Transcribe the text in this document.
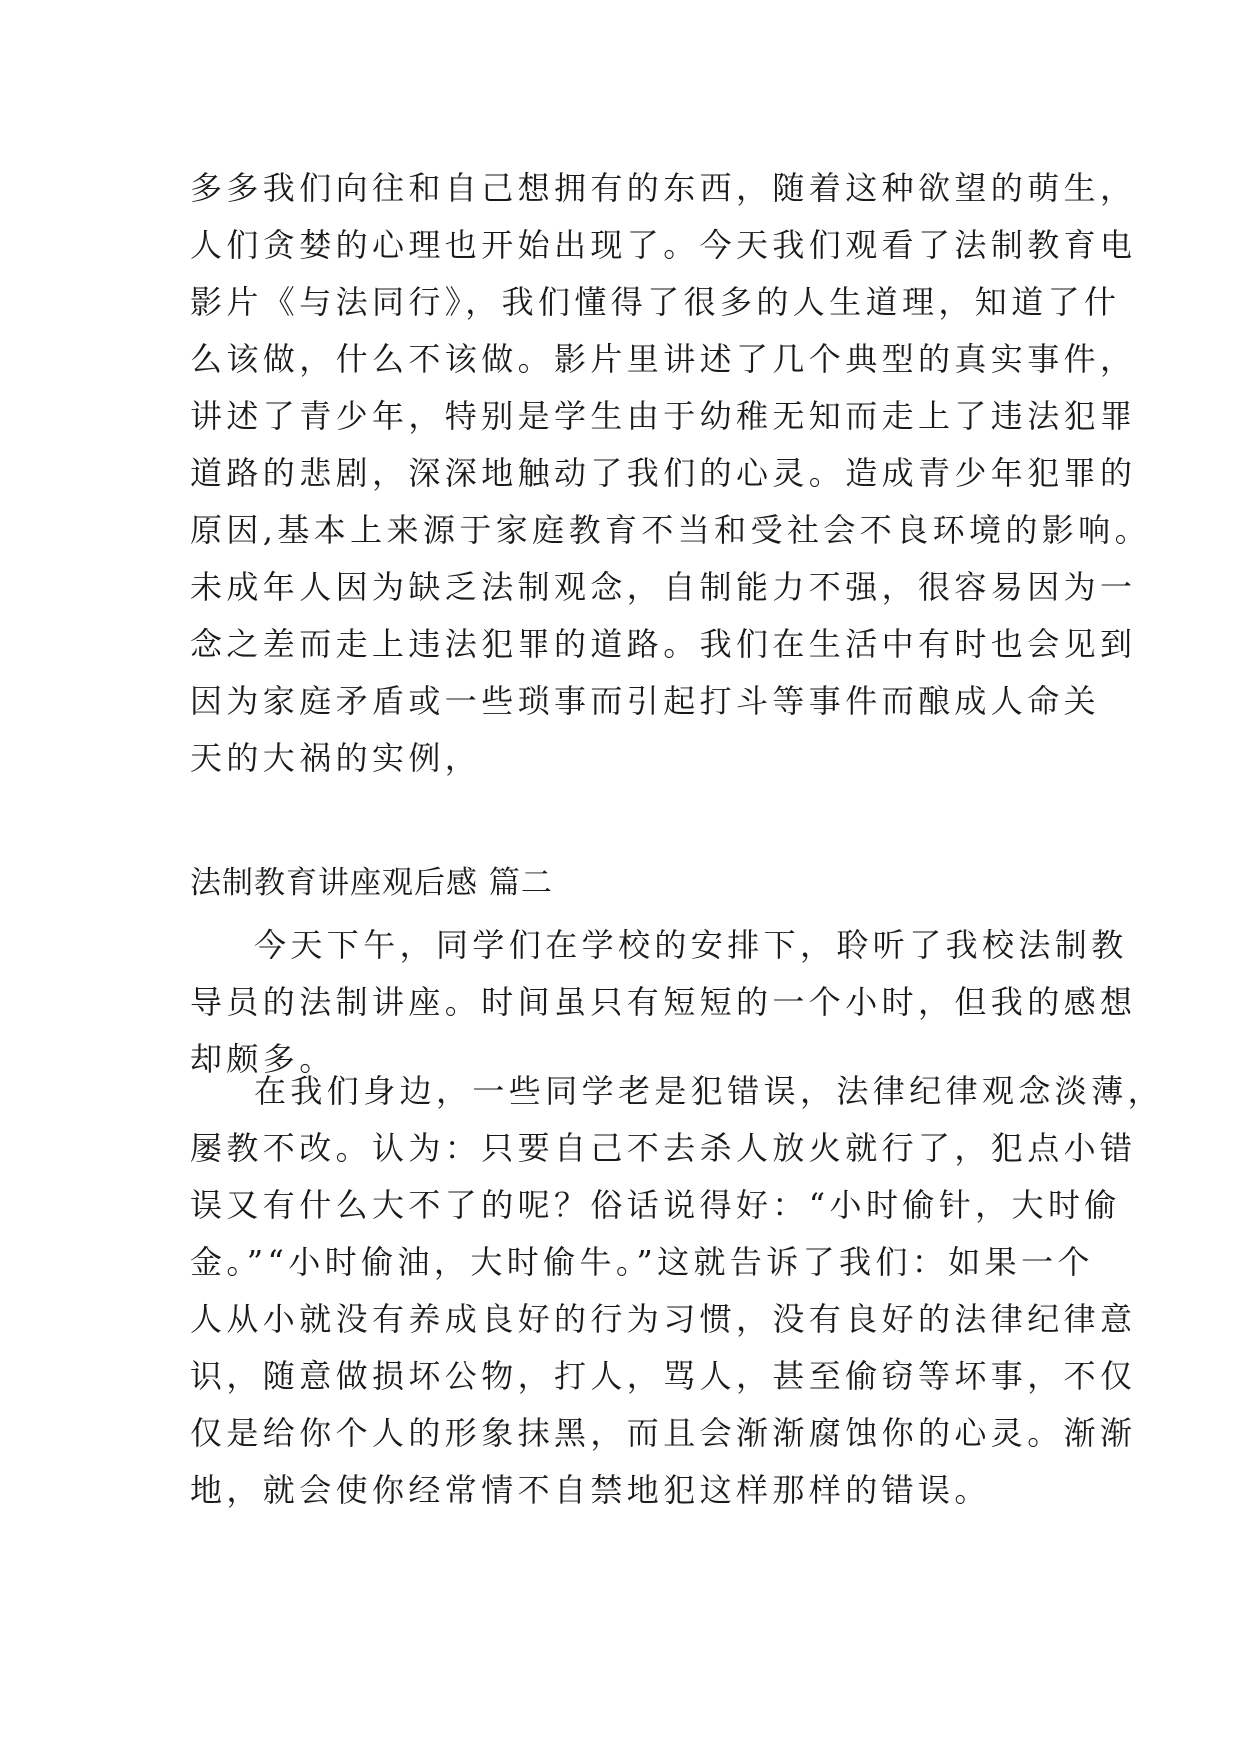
多多我们向往和自己想拥有的东西，随着这种欲望的萌生，
人们贪婪的心理也开始出现了。今天我们观看了法制教育电
影片《与法同行》，我们懂得了很多的人生道理，知道了什
么该做，什么不该做。影片里讲述了几个典型的真实事件，
讲述了青少年，特别是学生由于幼稚无知而走上了违法犯罪
道路的悲剧，深深地触动了我们的心灵。造成青少年犯罪的
原因,基本上来源于家庭教育不当和受社会不良环境的影响。
未成年人因为缺乏法制观念，自制能力不强，很容易因为一
念之差而走上违法犯罪的道路。我们在生活中有时也会见到
因为家庭矛盾或一些琐事而引起打斗等事件而酿成人命关
天的大祸的实例，
法制教育讲座观后感 篇二
今天下午，同学们在学校的安排下，聆听了我校法制教
导员的法制讲座。时间虽只有短短的一个小时，但我的感想
却颇多。
在我们身边，一些同学老是犯错误，法律纪律观念淡薄，
屡教不改。认为：只要自己不去杀人放火就行了，犯点小错
误又有什么大不了的呢？俗话说得好：“小时偷针，大时偷
金。”“小时偷油，大时偷牛。”这就告诉了我们：如果一个
人从小就没有养成良好的行为习惯，没有良好的法律纪律意
识，随意做损坏公物，打人，骂人，甚至偷窃等坏事，不仅
仅是给你个人的形象抹黑，而且会渐渐腐蚀你的心灵。渐渐
地，就会使你经常情不自禁地犯这样那样的错误。
